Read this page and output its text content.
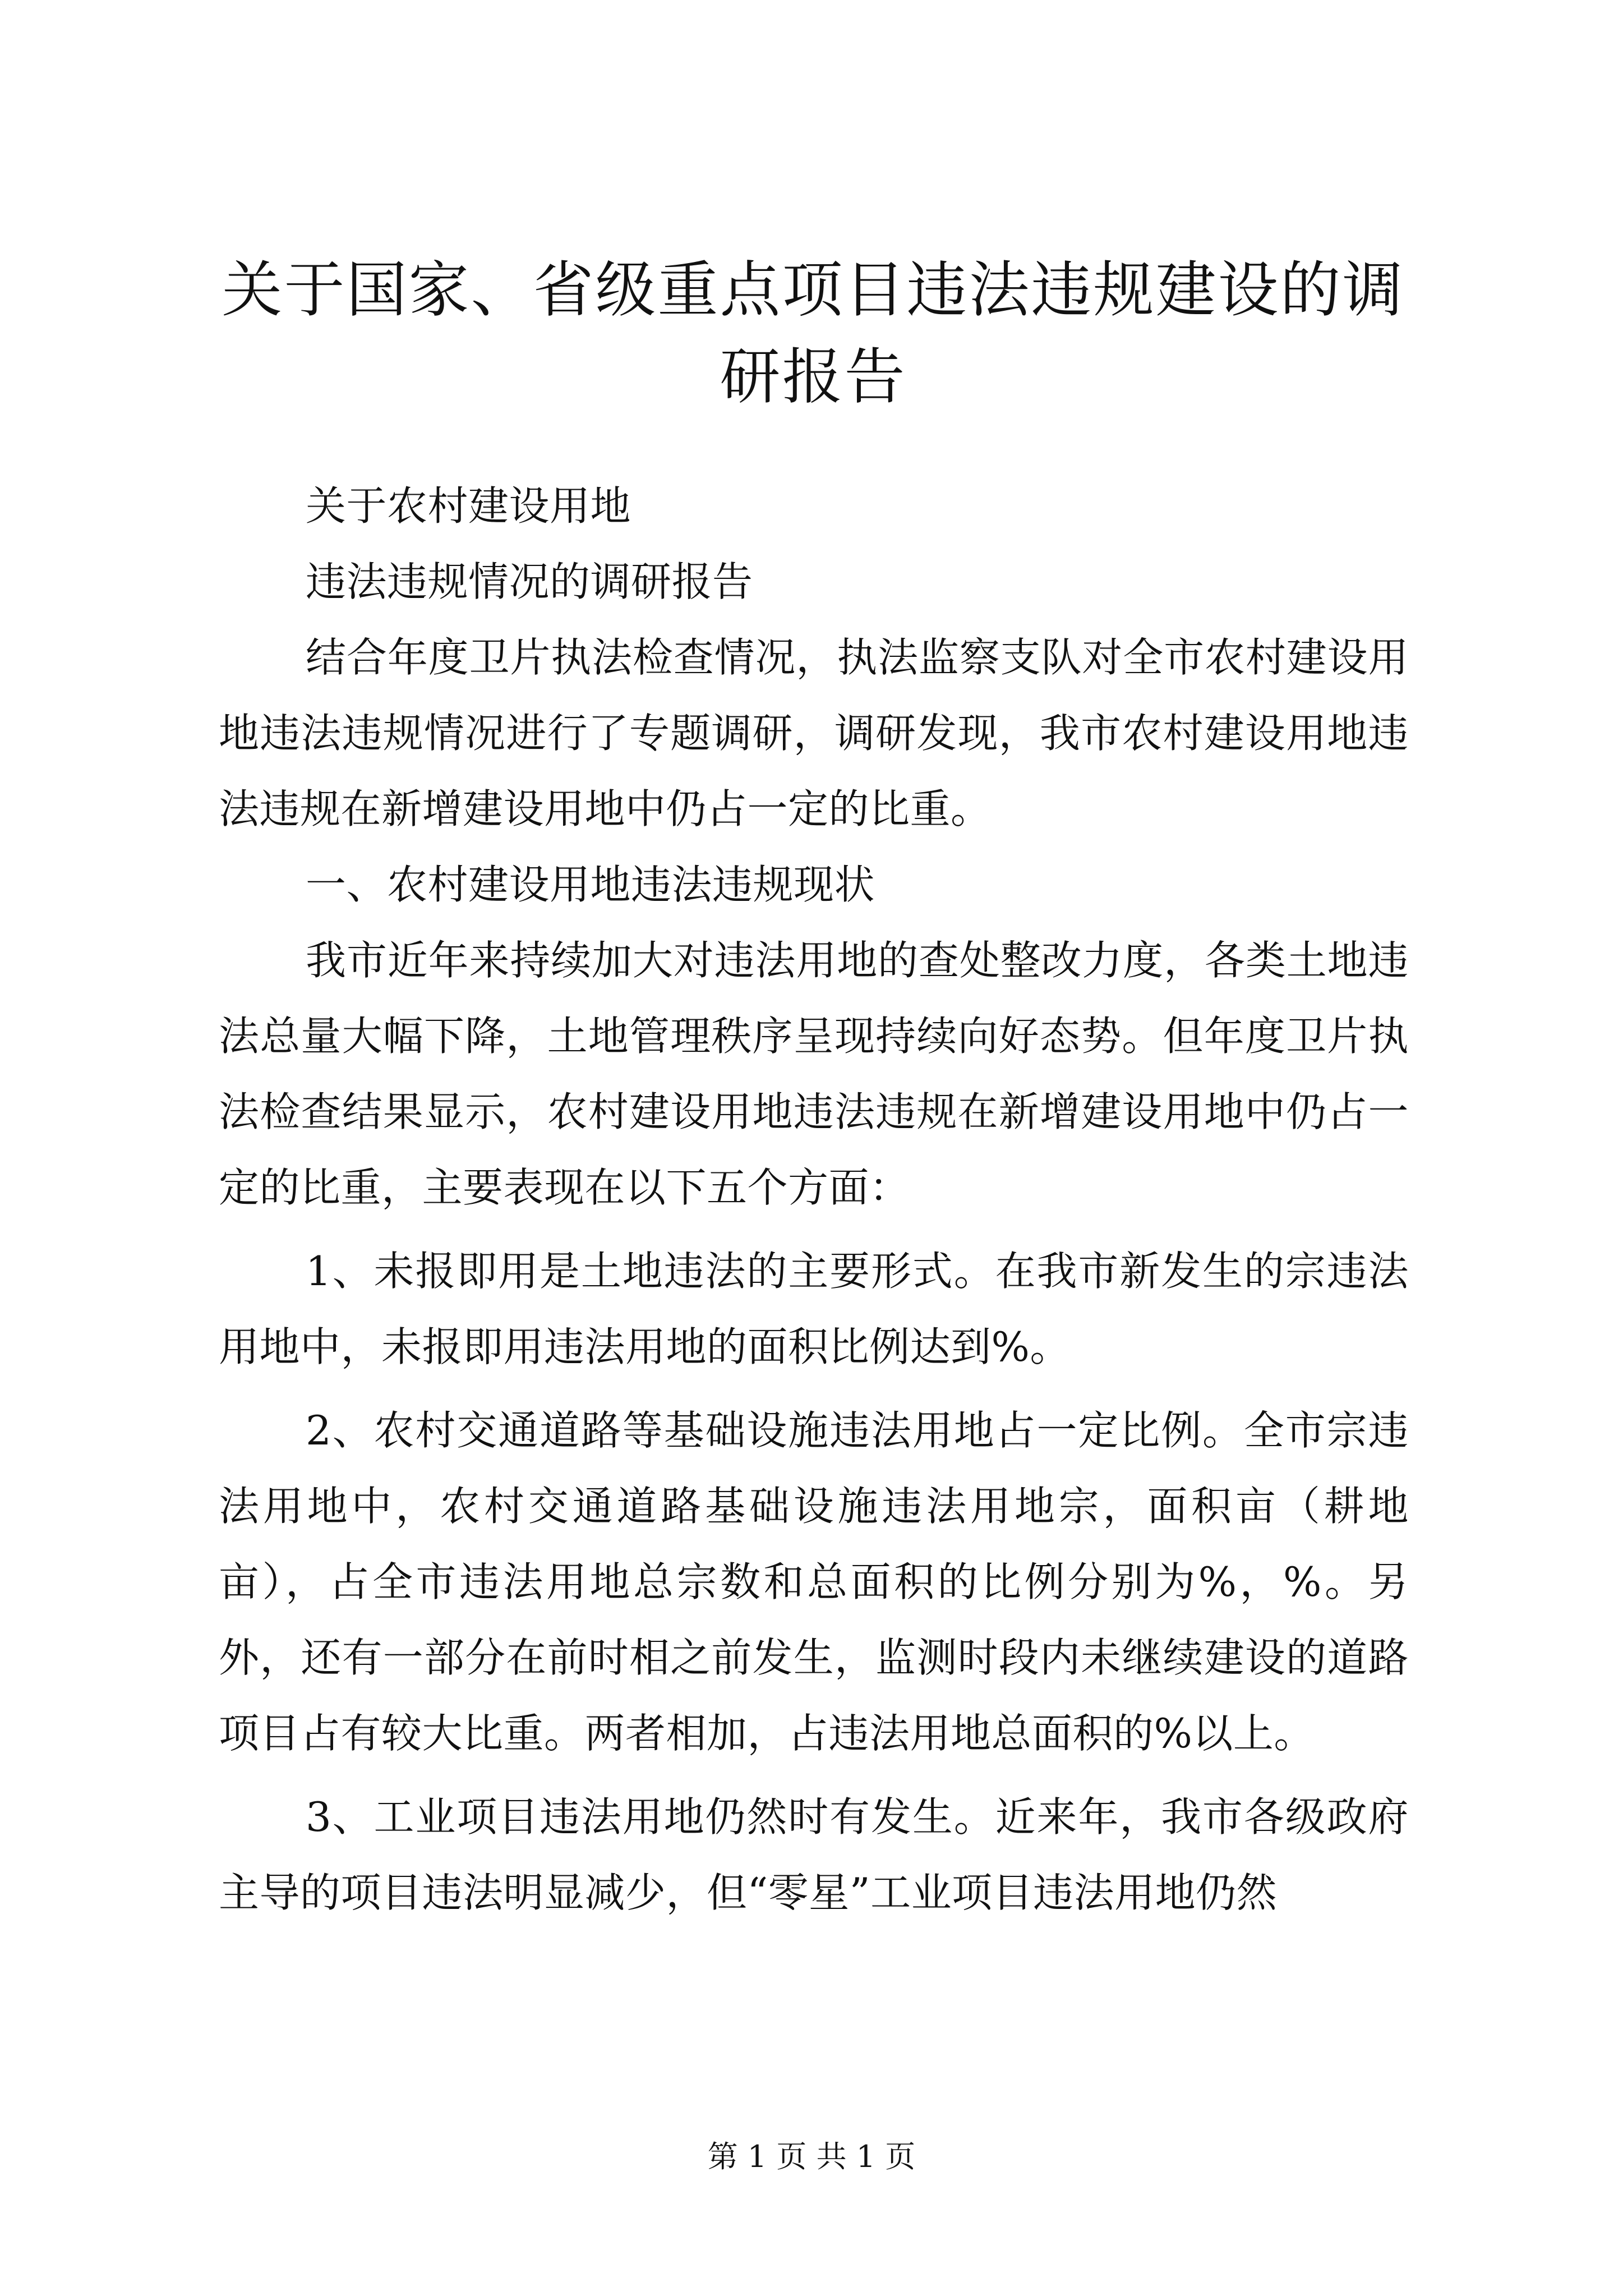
关于国家、省级重点项目违法违规建设的调研报告

关于农村建设用地

违法违规情况的调研报告

结合年度卫片执法检查情况，执法监察支队对全市农村建设用地违法违规情况进行了专题调研，调研发现，我市农村建设用地违法违规在新增建设用地中仍占一定的比重。

一、农村建设用地违法违规现状

我市近年来持续加大对违法用地的查处整改力度，各类土地违法总量大幅下降，土地管理秩序呈现持续向好态势。但年度卫片执法检查结果显示，农村建设用地违法违规在新增建设用地中仍占一定的比重，主要表现在以下五个方面：

1、未报即用是土地违法的主要形式。在我市新发生的宗违法用地中，未报即用违法用地的面积比例达到%。

2、农村交通道路等基础设施违法用地占一定比例。全市宗违法用地中，农村交通道路基础设施违法用地宗，面积亩（耕地亩），占全市违法用地总宗数和总面积的比例分别为%，%。另外，还有一部分在前时相之前发生，监测时段内未继续建设的道路项目占有较大比重。两者相加，占违法用地总面积的%以上。

3、工业项目违法用地仍然时有发生。近来年，我市各级政府主导的项目违法明显减少，但“零星”工业项目违法用地仍然

第 1 页 共 1 页
